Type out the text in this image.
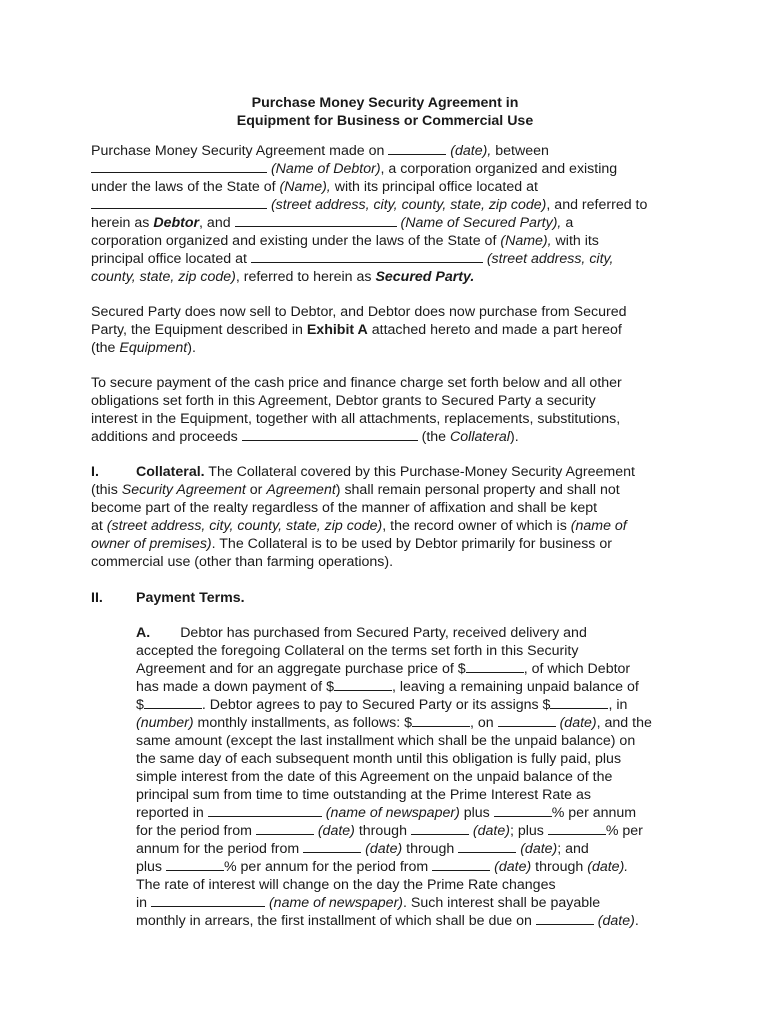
Purchase Money Security Agreement in
Equipment for Business or Commercial Use
Purchase Money Security Agreement made on	(date), between
(Name of Debtor), a corporation organized and existing
under the laws of the State of (Name), with its principal office located at
(street address, city, county, state, zip code), and referred to
herein as Debtor, and	(Name of Secured Party), a
corporation organized and existing under the laws of the State of (Name), with its
principal office located at	(street address, city,
county, state, zip code), referred to herein as Secured Party.
Secured Party does now sell to Debtor, and Debtor does now purchase from Secured
Party, the Equipment described in Exhibit A attached hereto and made a part hereof
(the Equipment).
To secure payment of the cash price and finance charge set forth below and all other
obligations set forth in this Agreement, Debtor grants to Secured Party a security
interest in the Equipment, together with all attachments, replacements, substitutions,
additions and proceeds	(the Collateral).
I.	Collateral. The Collateral covered by this Purchase-Money Security Agreement
(this Security Agreement or Agreement) shall remain personal property and shall not
become part of the realty regardless of the manner of affixation and shall be kept
at (street address, city, county, state, zip code), the record owner of which is (name of
owner of premises). The Collateral is to be used by Debtor primarily for business or
commercial use (other than farming operations).
II. Payment Terms.
A. Debtor has purchased from Secured Party, received delivery and
accepted the foregoing Collateral on the terms set forth in this Security
Agreement and for an aggregate purchase price of $	, of which Debtor
has made a down payment of $	, leaving a remaining unpaid balance of
$	. Debtor agrees to pay to Secured Party or its assigns $	, in
(number) monthly installments, as follows: $	, on	(date), and the
same amount (except the last installment which shall be the unpaid balance) on
the same day of each subsequent month until this obligation is fully paid, plus
simple interest from the date of this Agreement on the unpaid balance of the
principal sum from time to time outstanding at the Prime Interest Rate as
reported in	(name of newspaper) plus	% per annum
for the period from	(date) through	(date); plus	% per
annum for the period from	(date) through	(date); and
plus	% per annum for the period from	(date) through (date).
The rate of interest will change on the day the Prime Rate changes
in	(name of newspaper). Such interest shall be payable
monthly in arrears, the first installment of which shall be due on	(date).
